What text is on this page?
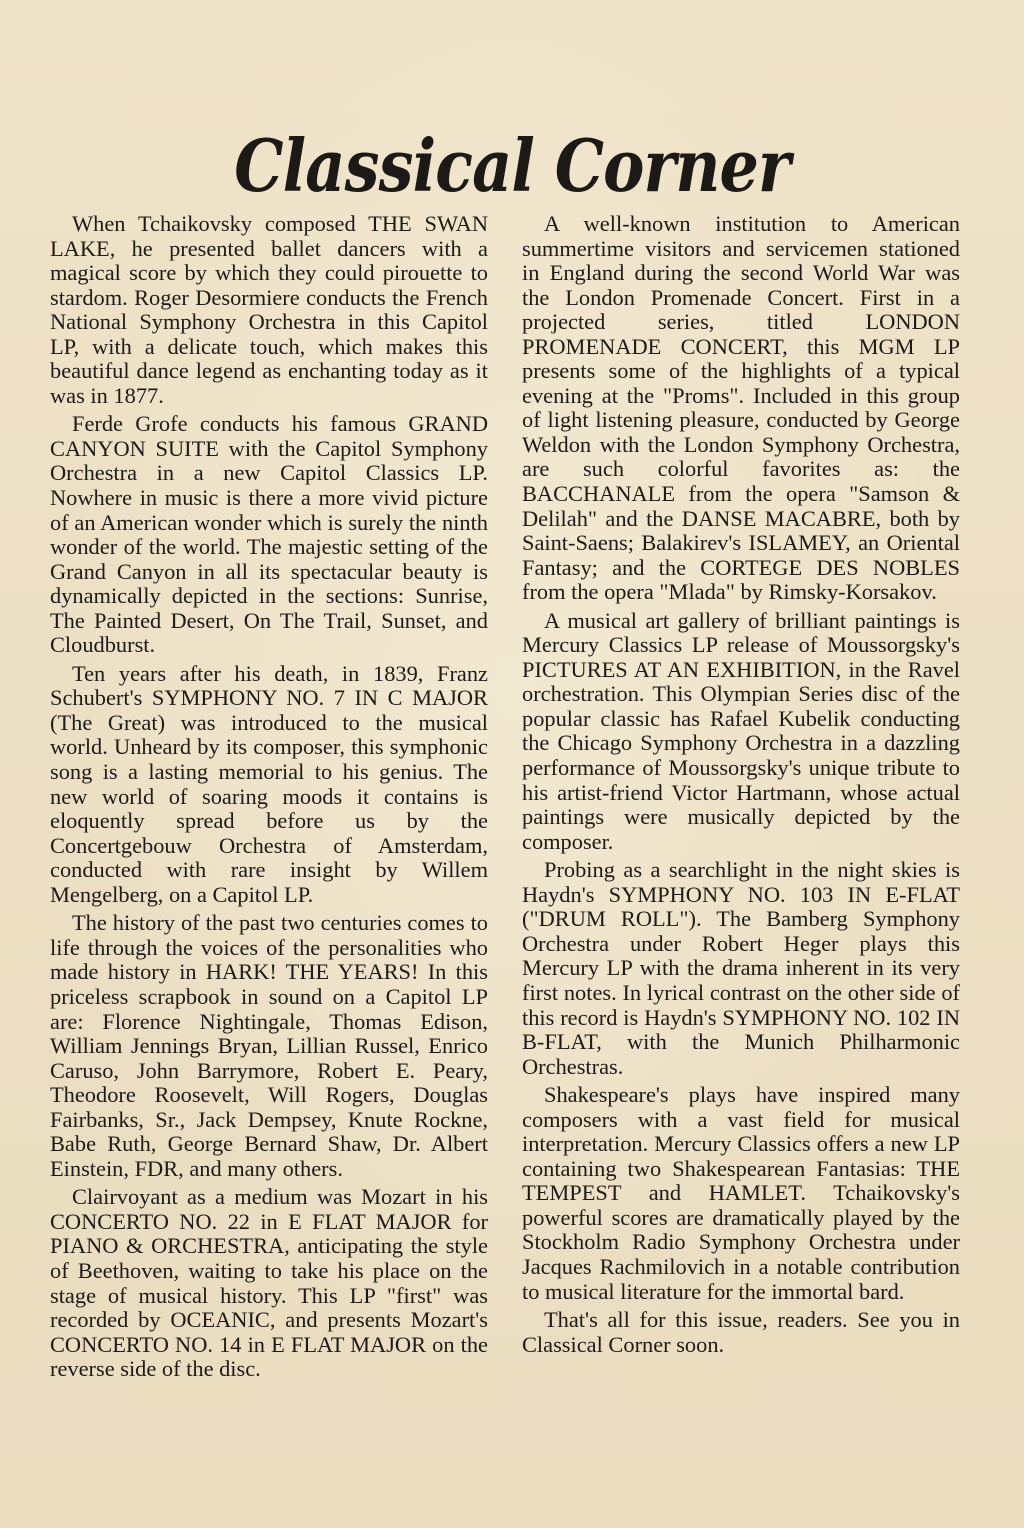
Classical Corner

When Tchaikovsky composed THE SWAN LAKE, he presented ballet dancers with a magical score by which they could pirouette to stardom. Roger Desormiere conducts the French National Symphony Orchestra in this Capitol LP, with a delicate touch, which makes this beautiful dance legend as enchanting today as it was in 1877.

Ferde Grofe conducts his famous GRAND CANYON SUITE with the Capitol Symphony Orchestra in a new Capitol Classics LP. Nowhere in music is there a more vivid picture of an American wonder which is surely the ninth wonder of the world. The majestic setting of the Grand Canyon in all its spectacular beauty is dynamically depicted in the sections: Sunrise, The Painted Desert, On The Trail, Sunset, and Cloudburst.

Ten years after his death, in 1839, Franz Schubert's SYMPHONY NO. 7 IN C MAJOR (The Great) was introduced to the musical world. Unheard by its composer, this symphonic song is a lasting memorial to his genius. The new world of soaring moods it contains is eloquently spread before us by the Concertgebouw Orchestra of Amsterdam, conducted with rare insight by Willem Mengelberg, on a Capitol LP.

The history of the past two centuries comes to life through the voices of the personalities who made history in HARK! THE YEARS! In this priceless scrapbook in sound on a Capitol LP are: Florence Nightingale, Thomas Edison, William Jennings Bryan, Lillian Russel, Enrico Caruso, John Barrymore, Robert E. Peary, Theodore Roosevelt, Will Rogers, Douglas Fairbanks, Sr., Jack Dempsey, Knute Rockne, Babe Ruth, George Bernard Shaw, Dr. Albert Einstein, FDR, and many others.

Clairvoyant as a medium was Mozart in his CONCERTO NO. 22 in E FLAT MAJOR for PIANO & ORCHESTRA, anticipating the style of Beethoven, waiting to take his place on the stage of musical history. This LP "first" was recorded by OCEANIC, and presents Mozart's CONCERTO NO. 14 in E FLAT MAJOR on the reverse side of the disc.

A well-known institution to American summertime visitors and servicemen stationed in England during the second World War was the London Promenade Concert. First in a projected series, titled LONDON PROMENADE CONCERT, this MGM LP presents some of the highlights of a typical evening at the "Proms". Included in this group of light listening pleasure, conducted by George Weldon with the London Symphony Orchestra, are such colorful favorites as: the BACCHANALE from the opera "Samson & Delilah" and the DANSE MACABRE, both by Saint-Saens; Balakirev's ISLAMEY, an Oriental Fantasy; and the CORTEGE DES NOBLES from the opera "Mlada" by Rimsky-Korsakov.

A musical art gallery of brilliant paintings is Mercury Classics LP release of Moussorgsky's PICTURES AT AN EXHIBITION, in the Ravel orchestration. This Olympian Series disc of the popular classic has Rafael Kubelik conducting the Chicago Symphony Orchestra in a dazzling performance of Moussorgsky's unique tribute to his artist-friend Victor Hartmann, whose actual paintings were musically depicted by the composer.

Probing as a searchlight in the night skies is Haydn's SYMPHONY NO. 103 IN E-FLAT ("DRUM ROLL"). The Bamberg Symphony Orchestra under Robert Heger plays this Mercury LP with the drama inherent in its very first notes. In lyrical contrast on the other side of this record is Haydn's SYMPHONY NO. 102 IN B-FLAT, with the Munich Philharmonic Orchestras.

Shakespeare's plays have inspired many composers with a vast field for musical interpretation. Mercury Classics offers a new LP containing two Shakespearean Fantasias: THE TEMPEST and HAMLET. Tchaikovsky's powerful scores are dramatically played by the Stockholm Radio Symphony Orchestra under Jacques Rachmilovich in a notable contribution to musical literature for the immortal bard.

That's all for this issue, readers. See you in Classical Corner soon.
